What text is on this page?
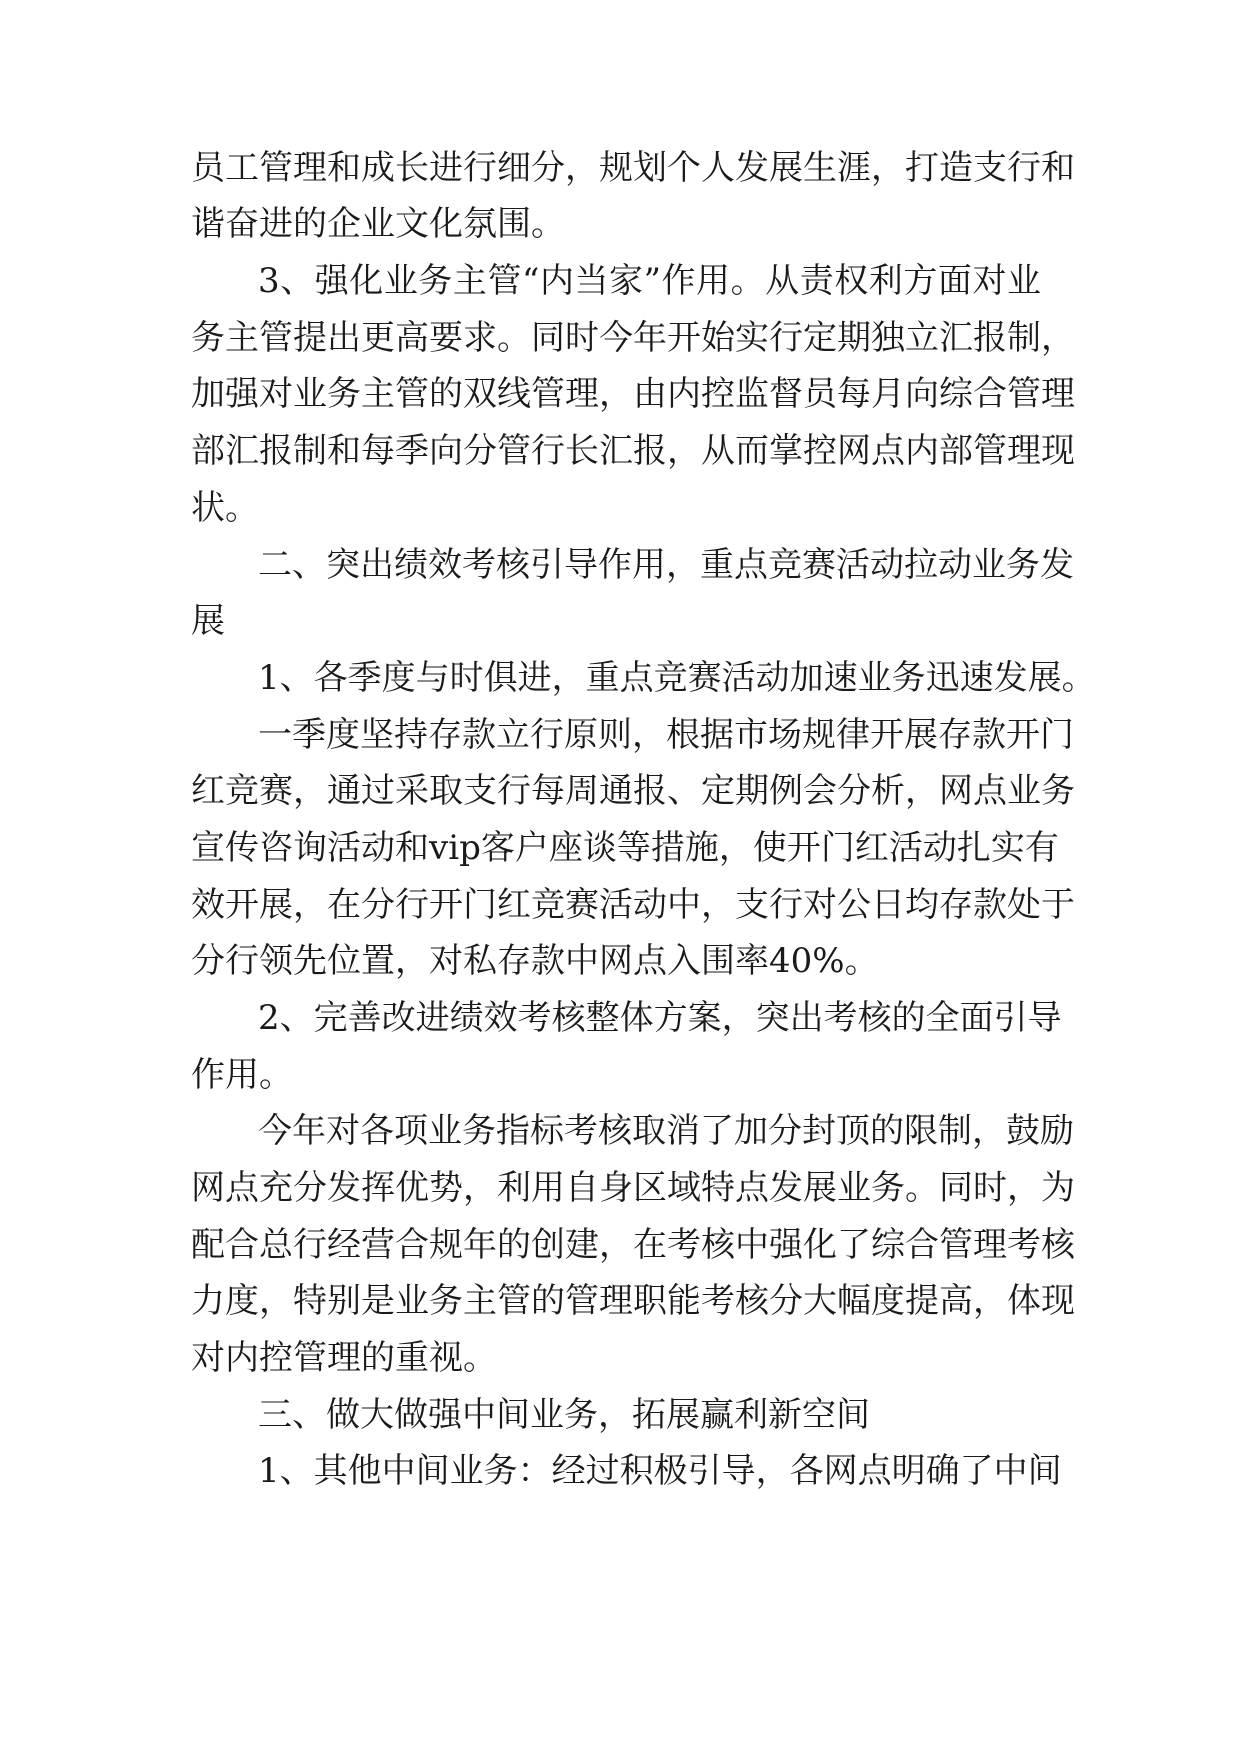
员工管理和成长进行细分，规划个人发展生涯，打造支行和
谐奋进的企业文化氛围。
3、强化业务主管“内当家”作用。从责权利方面对业
务主管提出更高要求。同时今年开始实行定期独立汇报制，
加强对业务主管的双线管理，由内控监督员每月向综合管理
部汇报制和每季向分管行长汇报，从而掌控网点内部管理现
状。
二、突出绩效考核引导作用，重点竞赛活动拉动业务发
展
1、各季度与时俱进，重点竞赛活动加速业务迅速发展。
一季度坚持存款立行原则，根据市场规律开展存款开门
红竞赛，通过采取支行每周通报、定期例会分析，网点业务
宣传咨询活动和vip客户座谈等措施，使开门红活动扎实有
效开展，在分行开门红竞赛活动中，支行对公日均存款处于
分行领先位置，对私存款中网点入围率40%。
2、完善改进绩效考核整体方案，突出考核的全面引导
作用。
今年对各项业务指标考核取消了加分封顶的限制，鼓励
网点充分发挥优势，利用自身区域特点发展业务。同时，为
配合总行经营合规年的创建，在考核中强化了综合管理考核
力度，特别是业务主管的管理职能考核分大幅度提高，体现
对内控管理的重视。
三、做大做强中间业务，拓展赢利新空间
1、其他中间业务：经过积极引导，各网点明确了中间
